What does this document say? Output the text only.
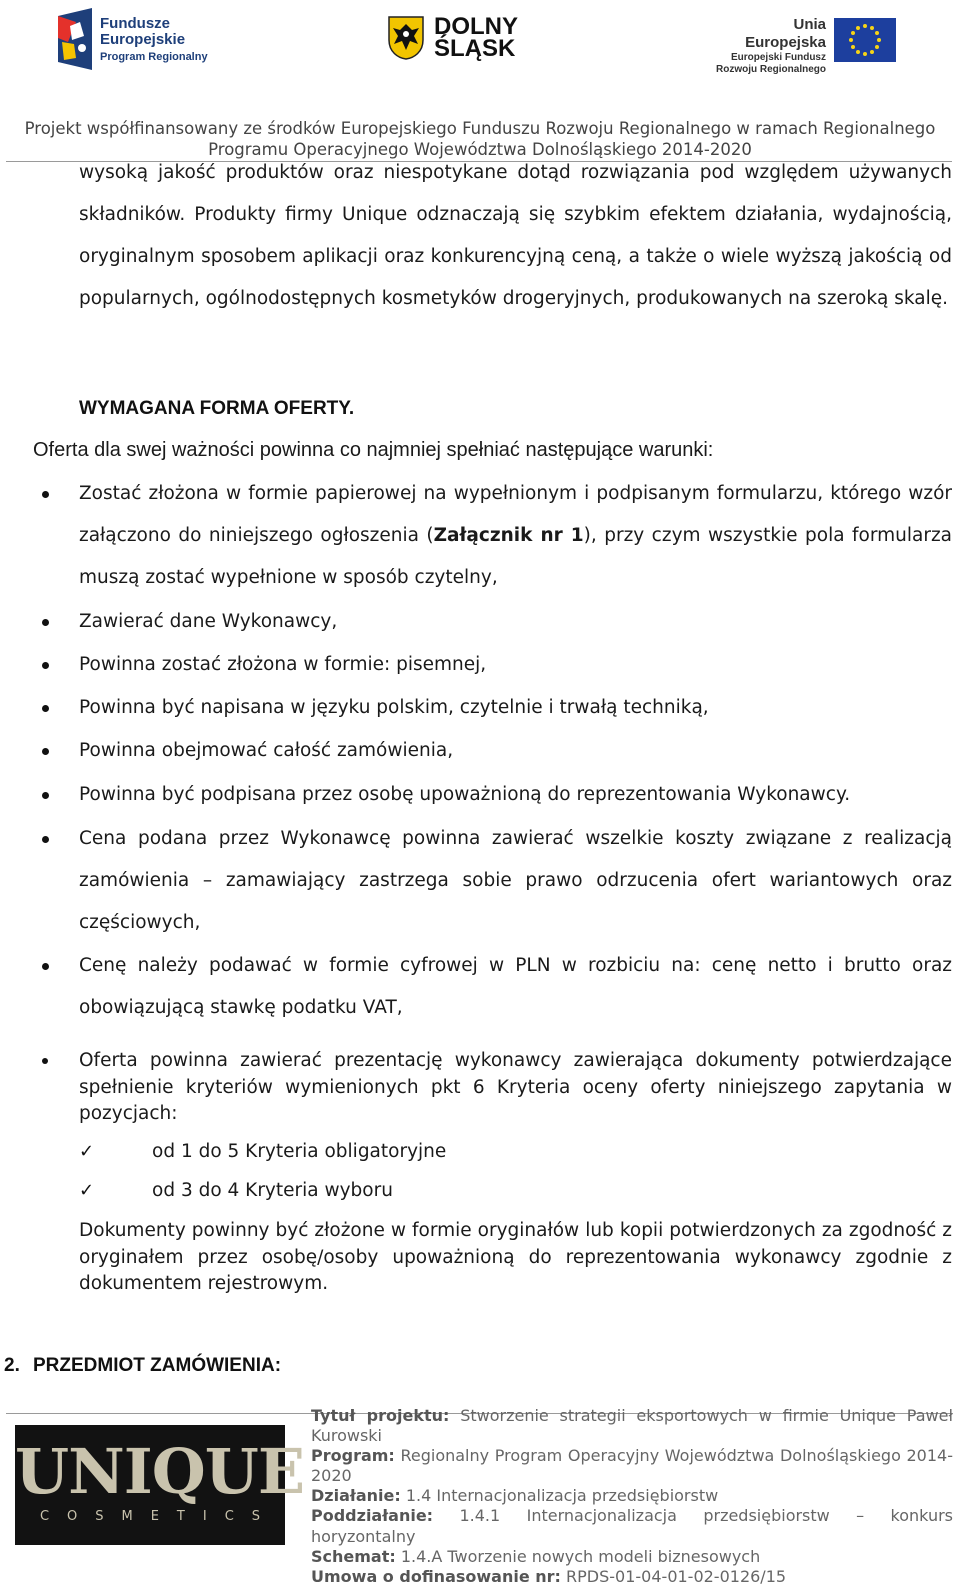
Fundusze
Europejskie
Program Regionalny
DOLNY
ŚLĄSK
Unia Europejska
Europejski Fundusz
Rozwoju Regionalnego
Projekt współfinansowany ze środków Europejskiego Funduszu Rozwoju Regionalnego w ramach Regionalnego
Programu Operacyjnego Województwa Dolnośląskiego 2014-2020
wysoką jakość produktów oraz niespotykane dotąd rozwiązania pod względem używanych składników. Produkty firmy Unique odznaczają się szybkim efektem działania, wydajnością, oryginalnym sposobem aplikacji oraz konkurencyjną ceną, a także o wiele wyższą jakością od popularnych, ogólnodostępnych kosmetyków drogeryjnych, produkowanych na szeroką skalę.
WYMAGANA FORMA OFERTY.
Oferta dla swej ważności powinna co najmniej spełniać następujące warunki:
Zostać złożona w formie papierowej na wypełnionym i podpisanym formularzu, którego wzór załączono do niniejszego ogłoszenia (Załącznik nr 1), przy czym wszystkie pola formularza muszą zostać wypełnione w sposób czytelny,
Zawierać dane Wykonawcy,
Powinna zostać złożona w formie: pisemnej,
Powinna być napisana w języku polskim, czytelnie i trwałą techniką,
Powinna obejmować całość zamówienia,
Powinna być podpisana przez osobę upoważnioną do reprezentowania Wykonawcy.
Cena podana przez Wykonawcę powinna zawierać wszelkie koszty związane z realizacją zamówienia – zamawiający zastrzega sobie prawo odrzucenia ofert wariantowych oraz częściowych,
Cenę należy podawać w formie cyfrowej w PLN w rozbiciu na: cenę netto i brutto oraz obowiązującą stawkę podatku VAT,
Oferta powinna zawierać prezentację wykonawcy zawierająca dokumenty potwierdzające spełnienie kryteriów wymienionych pkt 6 Kryteria oceny oferty niniejszego zapytania w pozycjach:
✓	od 1 do 5 Kryteria obligatoryjne
✓	od 3 do 4 Kryteria wyboru
Dokumenty powinny być złożone w formie oryginałów lub kopii potwierdzonych za zgodność z oryginałem przez osobę/osoby upoważnioną do reprezentowania wykonawcy zgodnie z dokumentem rejestrowym.
2. PRZEDMIOT ZAMÓWIENIA:
UNIQUE
COSMETICS
Tytuł projektu: Stworzenie strategii eksportowych w firmie Unique Paweł Kurowski
Program: Regionalny Program Operacyjny Województwa Dolnośląskiego 2014-2020
Działanie: 1.4 Internacjonalizacja przedsiębiorstw
Poddziałanie: 1.4.1 Internacjonalizacja przedsiębiorstw – konkurs horyzontalny
Schemat: 1.4.A Tworzenie nowych modeli biznesowych
Umowa o dofinasowanie nr: RPDS-01-04-01-02-0126/15
